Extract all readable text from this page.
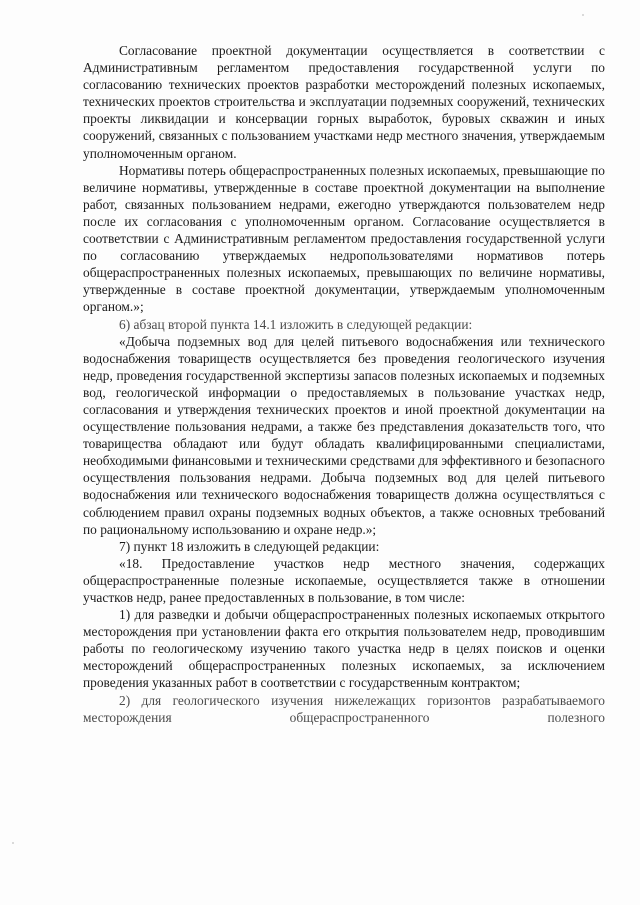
Согласование проектной документации осуществляется в соответствии с Административным регламентом предоставления государственной услуги по согласованию технических проектов разработки месторождений полезных ископаемых, технических проектов строительства и эксплуатации подземных сооружений, технических проекты ликвидации и консервации горных выработок, буровых скважин и иных сооружений, связанных с пользованием участками недр местного значения, утверждаемым уполномоченным органом.

Нормативы потерь общераспространенных полезных ископаемых, превышающие по величине нормативы, утвержденные в составе проектной документации на выполнение работ, связанных пользованием недрами, ежегодно утверждаются пользователем недр после их согласования с уполномоченным органом. Согласование осуществляется в соответствии с Административным регламентом предоставления государственной услуги по согласованию утверждаемых недропользователями нормативов потерь общераспространенных полезных ископаемых, превышающих по величине нормативы, утвержденные в составе проектной документации, утверждаемым уполномоченным органом.»;

6) абзац второй пункта 14.1 изложить в следующей редакции:

«Добыча подземных вод для целей питьевого водоснабжения или технического водоснабжения товариществ осуществляется без проведения геологического изучения недр, проведения государственной экспертизы запасов полезных ископаемых и подземных вод, геологической информации о предоставляемых в пользование участках недр, согласования и утверждения технических проектов и иной проектной документации на осуществление пользования недрами, а также без представления доказательств того, что товарищества обладают или будут обладать квалифицированными специалистами, необходимыми финансовыми и техническими средствами для эффективного и безопасного осуществления пользования недрами. Добыча подземных вод для целей питьевого водоснабжения или технического водоснабжения товариществ должна осуществляться с соблюдением правил охраны подземных водных объектов, а также основных требований по рациональному использованию и охране недр.»;

7) пункт 18 изложить в следующей редакции:

«18. Предоставление участков недр местного значения, содержащих общераспространенные полезные ископаемые, осуществляется также в отношении участков недр, ранее предоставленных в пользование, в том числе:

1) для разведки и добычи общераспространенных полезных ископаемых открытого месторождения при установлении факта его открытия пользователем недр, проводившим работы по геологическому изучению такого участка недр в целях поисков и оценки месторождений общераспространенных полезных ископаемых, за исключением проведения указанных работ в соответствии с государственным контрактом;

2) для геологического изучения нижележащих горизонтов разрабатываемого месторождения общераспространенного полезного
